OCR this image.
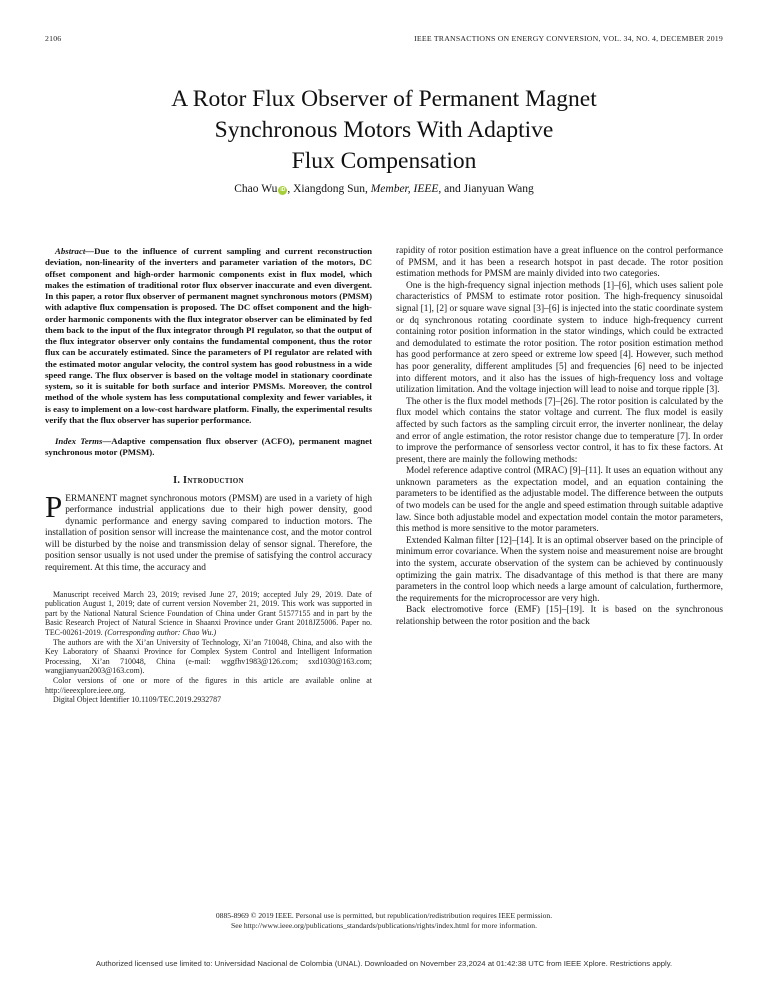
2106	IEEE TRANSACTIONS ON ENERGY CONVERSION, VOL. 34, NO. 4, DECEMBER 2019
A Rotor Flux Observer of Permanent Magnet
Synchronous Motors With Adaptive
Flux Compensation
Chao Wu iD , Xiangdong Sun, Member, IEEE, and Jianyuan Wang

Abstract—Due to the influence of current sampling and current reconstruction deviation, non-linearity of the inverters and parameter variation of the motors, DC offset component and high-order harmonic components exist in flux model, which makes the estimation of traditional rotor flux observer inaccurate and even divergent. In this paper, a rotor flux observer of permanent magnet synchronous motors (PMSM) with adaptive flux compensation is proposed. The DC offset component and the high-order harmonic components with the flux integrator observer can be eliminated by fed them back to the input of the flux integrator through PI regulator, so that the output of the flux integrator observer only contains the fundamental component, thus the rotor flux can be accurately estimated. Since the parameters of PI regulator are related with the estimated motor angular velocity, the control system has good robustness in a wide speed range. The flux observer is based on the voltage model in stationary coordinate system, so it is suitable for both surface and interior PMSMs. Moreover, the control method of the whole system has less computational complexity and fewer variables, it is easy to implement on a low-cost hardware platform. Finally, the experimental results verify that the flux observer has superior performance.

Index Terms—Adaptive compensation flux observer (ACFO), permanent magnet synchronous motor (PMSM).

I. Introduction

PERMANENT magnet synchronous motors (PMSM) are used in a variety of high performance industrial applications due to their high power density, good dynamic performance and energy saving compared to induction motors. The installation of position sensor will increase the maintenance cost, and the motor control will be disturbed by the noise and transmission delay of sensor signal. Therefore, the position sensor usually is not used under the premise of satisfying the control accuracy requirement. At this time, the accuracy and

Manuscript received March 23, 2019; revised June 27, 2019; accepted July 29, 2019. Date of publication August 1, 2019; date of current version November 21, 2019. This work was supported in part by the National Natural Science Foundation of China under Grant 51577155 and in part by the Basic Research Project of Natural Science in Shaanxi Province under Grant 2018JZ5006. Paper no. TEC-00261-2019. (Corresponding author: Chao Wu.)

The authors are with the Xi’an University of Technology, Xi’an 710048, China, and also with the Key Laboratory of Shaanxi Province for Complex System Control and Intelligent Information Processing, Xi’an 710048, China (e-mail: wggfhv1983@126.com; sxd1030@163.com; wangjianyuan2003@163.com).

Color versions of one or more of the figures in this article are available online at http://ieeexplore.ieee.org.

Digital Object Identifier 10.1109/TEC.2019.2932787

rapidity of rotor position estimation have a great influence on the control performance of PMSM, and it has been a research hotspot in past decade. The rotor position estimation methods for PMSM are mainly divided into two categories.

One is the high-frequency signal injection methods [1]–[6], which uses salient pole characteristics of PMSM to estimate rotor position. The high-frequency sinusoidal signal [1], [2] or square wave signal [3]–[6] is injected into the static coordinate system or dq synchronous rotating coordinate system to induce high-frequency current containing rotor position information in the stator windings, which could be extracted and demodulated to estimate the rotor position. The rotor position estimation method has good performance at zero speed or extreme low speed [4]. However, such method has poor generality, different amplitudes [5] and frequencies [6] need to be injected into different motors, and it also has the issues of high-frequency loss and voltage utilization limitation. And the voltage injection will lead to noise and torque ripple [3].

The other is the flux model methods [7]–[26]. The rotor position is calculated by the flux model which contains the stator voltage and current. The flux model is easily affected by such factors as the sampling circuit error, the inverter nonlinear, the delay and error of angle estimation, the rotor resistor change due to temperature [7]. In order to improve the performance of sensorless vector control, it has to fix these factors. At present, there are mainly the following methods:

Model reference adaptive control (MRAC) [9]–[11]. It uses an equation without any unknown parameters as the expectation model, and an equation containing the parameters to be identified as the adjustable model. The difference between the outputs of two models can be used for the angle and speed estimation through suitable adaptive law. Since both adjustable model and expectation model contain the motor parameters, this method is more sensitive to the motor parameters.

Extended Kalman filter [12]–[14]. It is an optimal observer based on the principle of minimum error covariance. When the system noise and measurement noise are brought into the system, accurate observation of the system can be achieved by continuously optimizing the gain matrix. The disadvantage of this method is that there are many parameters in the control loop which needs a large amount of calculation, furthermore, the requirements for the microprocessor are very high.

Back electromotive force (EMF) [15]–[19]. It is based on the synchronous relationship between the rotor position and the back

0885-8969 © 2019 IEEE. Personal use is permitted, but republication/redistribution requires IEEE permission.
See http://www.ieee.org/publications_standards/publications/rights/index.html for more information.
Authorized licensed use limited to: Universidad Nacional de Colombia (UNAL). Downloaded on November 23,2024 at 01:42:38 UTC from IEEE Xplore. Restrictions apply.
